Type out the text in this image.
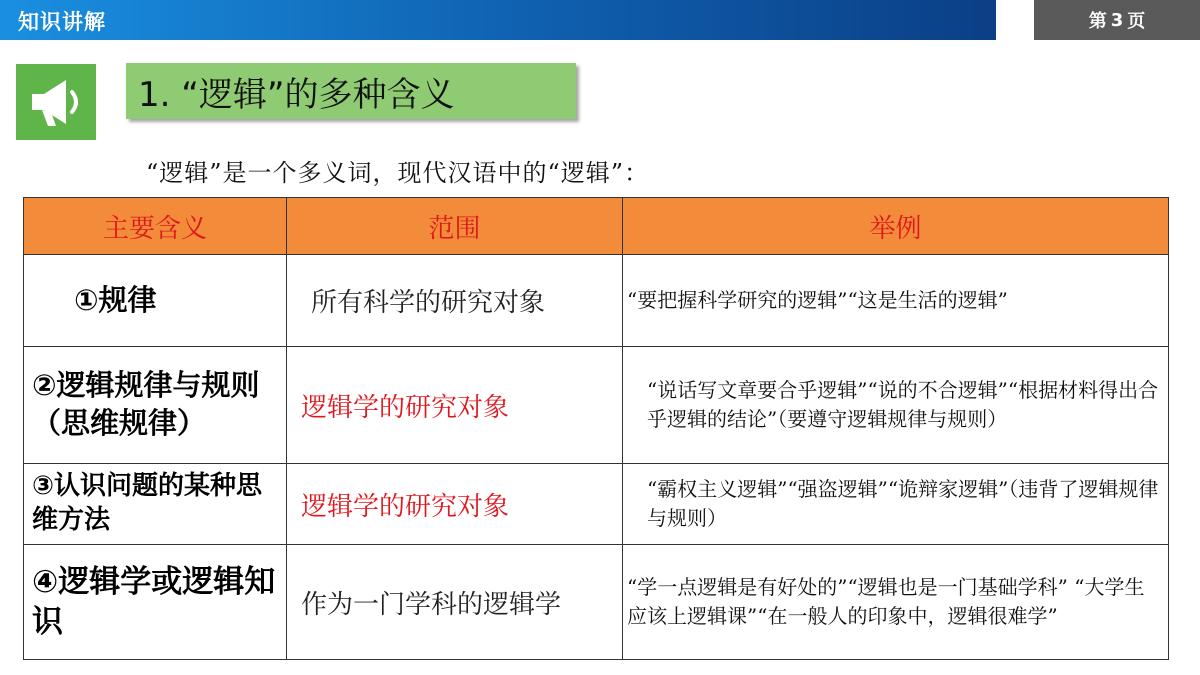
知识讲解	第 3 页
1. “逻辑”的多种含义
“逻辑”是一个多义词，现代汉语中的“逻辑”：
主要含义	范围	举例
①规律	所有科学的研究对象	“要把握科学研究的逻辑”“这是生活的逻辑”

②逻辑规律与规则（思维规律）	逻辑学的研究对象	“说话写文章要合乎逻辑”“说的不合逻辑”“根据材料得出合乎逻辑的结论”（要遵守逻辑规律与规则）

③认识问题的某种思维方法	逻辑学的研究对象	“霸权主义逻辑”“强盗逻辑”“诡辩家逻辑”（违背了逻辑规律与规则）

④逻辑学或逻辑知识	作为一门学科的逻辑学	“学一点逻辑是有好处的”“逻辑也是一门基础学科” “大学生应该上逻辑课”“在一般人的印象中，逻辑很难学”
